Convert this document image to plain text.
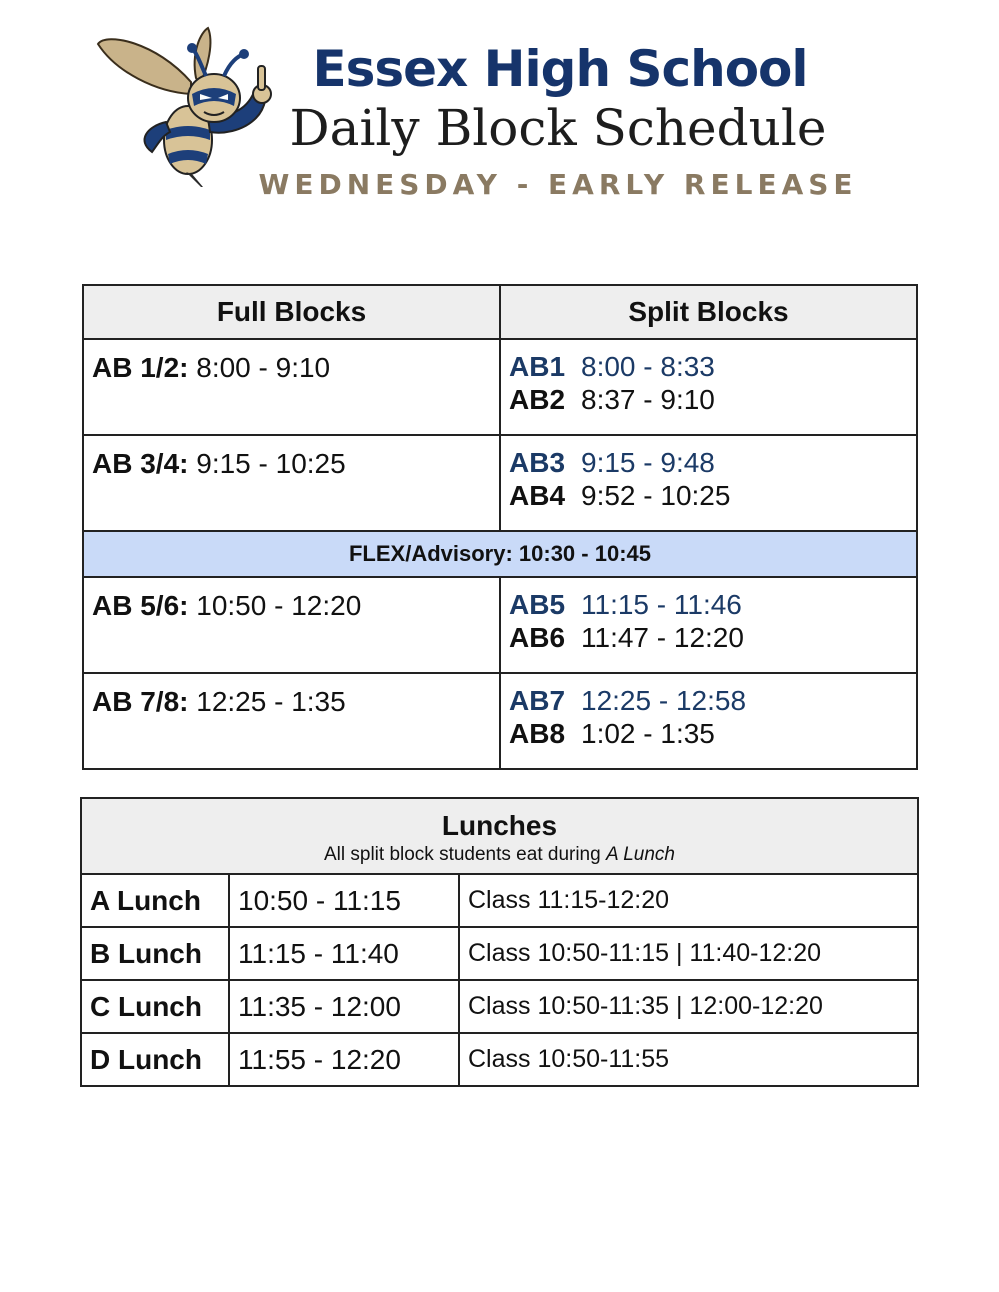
Essex High School
Daily Block Schedule
WEDNESDAY - EARLY RELEASE
Full Blocks	Split Blocks
AB 1/2: 8:00 - 9:10	AB1 8:00 - 8:33
AB2 8:37 - 9:10

AB 3/4: 9:15 - 10:25	AB3 9:15 - 9:48
AB4 9:52 - 10:25

FLEX/Advisory: 10:30 - 10:45	
AB 5/6: 10:50 - 12:20	AB5 11:15 - 11:46
AB6 11:47 - 12:20

AB 7/8: 12:25 - 1:35	AB7 12:25 - 12:58
AB8 1:02 - 1:35
Lunches
All split block students eat during A Lunch		

A Lunch	10:50 - 11:15	Class 11:15-12:20
B Lunch	11:15 - 11:40	Class 10:50-11:15 | 11:40-12:20
C Lunch	11:35 - 12:00	Class 10:50-11:35 | 12:00-12:20
D Lunch	11:55 - 12:20	Class 10:50-11:55
